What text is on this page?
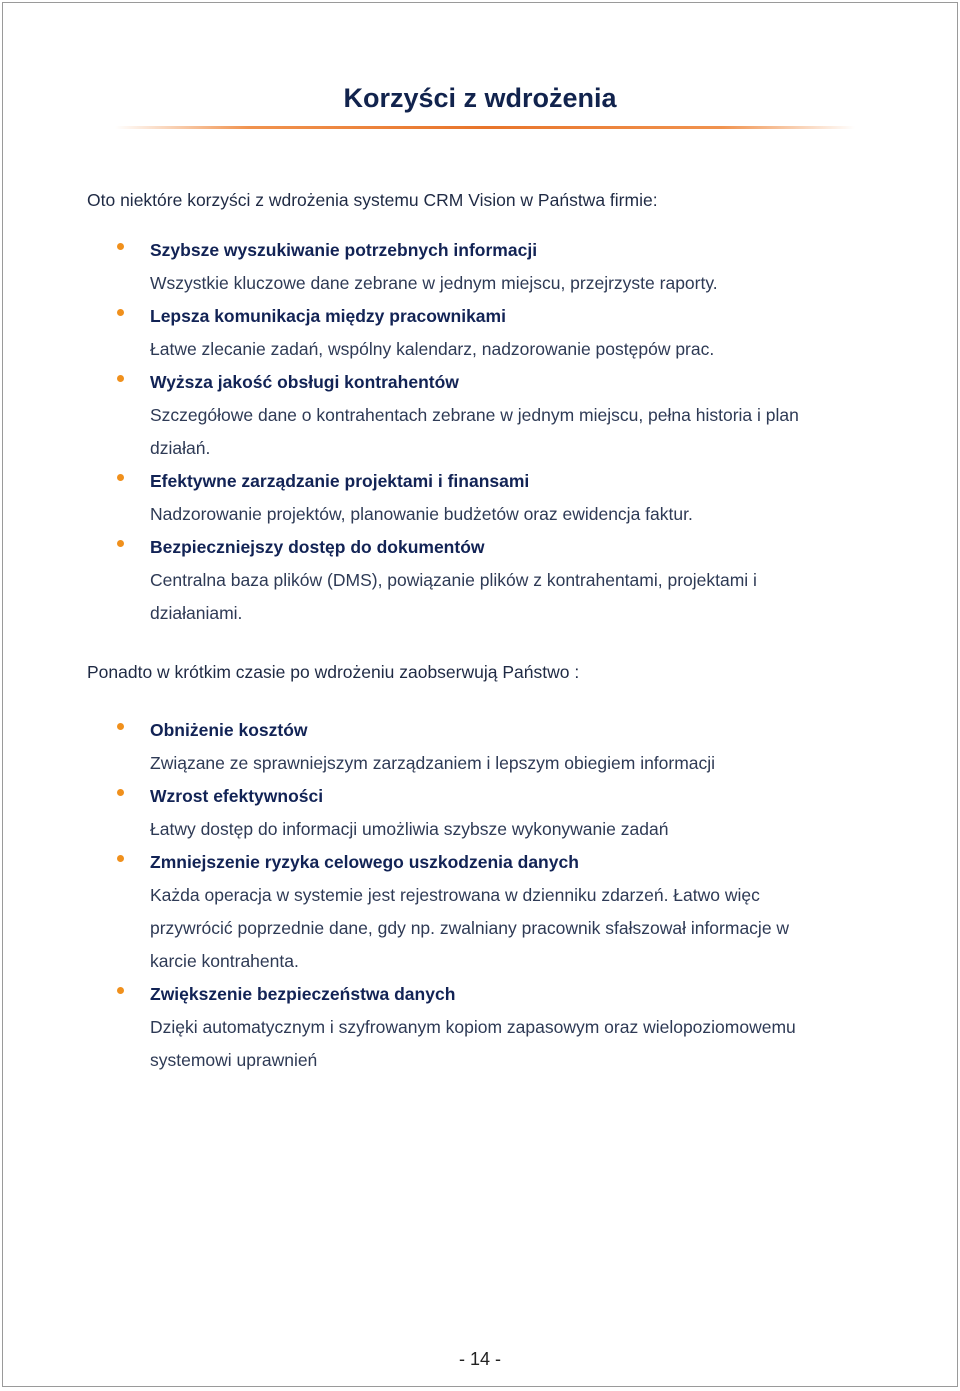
Korzyści z wdrożenia

Oto niektóre korzyści z wdrożenia systemu CRM Vision w Państwa firmie:

Szybsze wyszukiwanie potrzebnych informacji
Wszystkie kluczowe dane zebrane w jednym miejscu, przejrzyste raporty.
Lepsza komunikacja między pracownikami
Łatwe zlecanie zadań, wspólny kalendarz, nadzorowanie postępów prac.
Wyższa jakość obsługi kontrahentów
Szczegółowe dane o kontrahentach zebrane w jednym miejscu, pełna historia i plan działań.
Efektywne zarządzanie projektami i finansami
Nadzorowanie projektów, planowanie budżetów oraz ewidencja faktur.
Bezpieczniejszy dostęp do dokumentów
Centralna baza plików (DMS), powiązanie plików z kontrahentami, projektami i działaniami.

Ponadto w krótkim czasie po wdrożeniu zaobserwują Państwo :

Obniżenie kosztów
Związane ze sprawniejszym zarządzaniem i lepszym obiegiem informacji
Wzrost efektywności
Łatwy dostęp do informacji umożliwia szybsze wykonywanie zadań
Zmniejszenie ryzyka celowego uszkodzenia danych
Każda operacja w systemie jest rejestrowana w dzienniku zdarzeń. Łatwo więc przywrócić poprzednie dane, gdy np. zwalniany pracownik sfałszował informacje w karcie kontrahenta.
Zwiększenie bezpieczeństwa danych
Dzięki automatycznym i szyfrowanym kopiom zapasowym oraz wielopoziomowemu systemowi uprawnień
- 14 -
